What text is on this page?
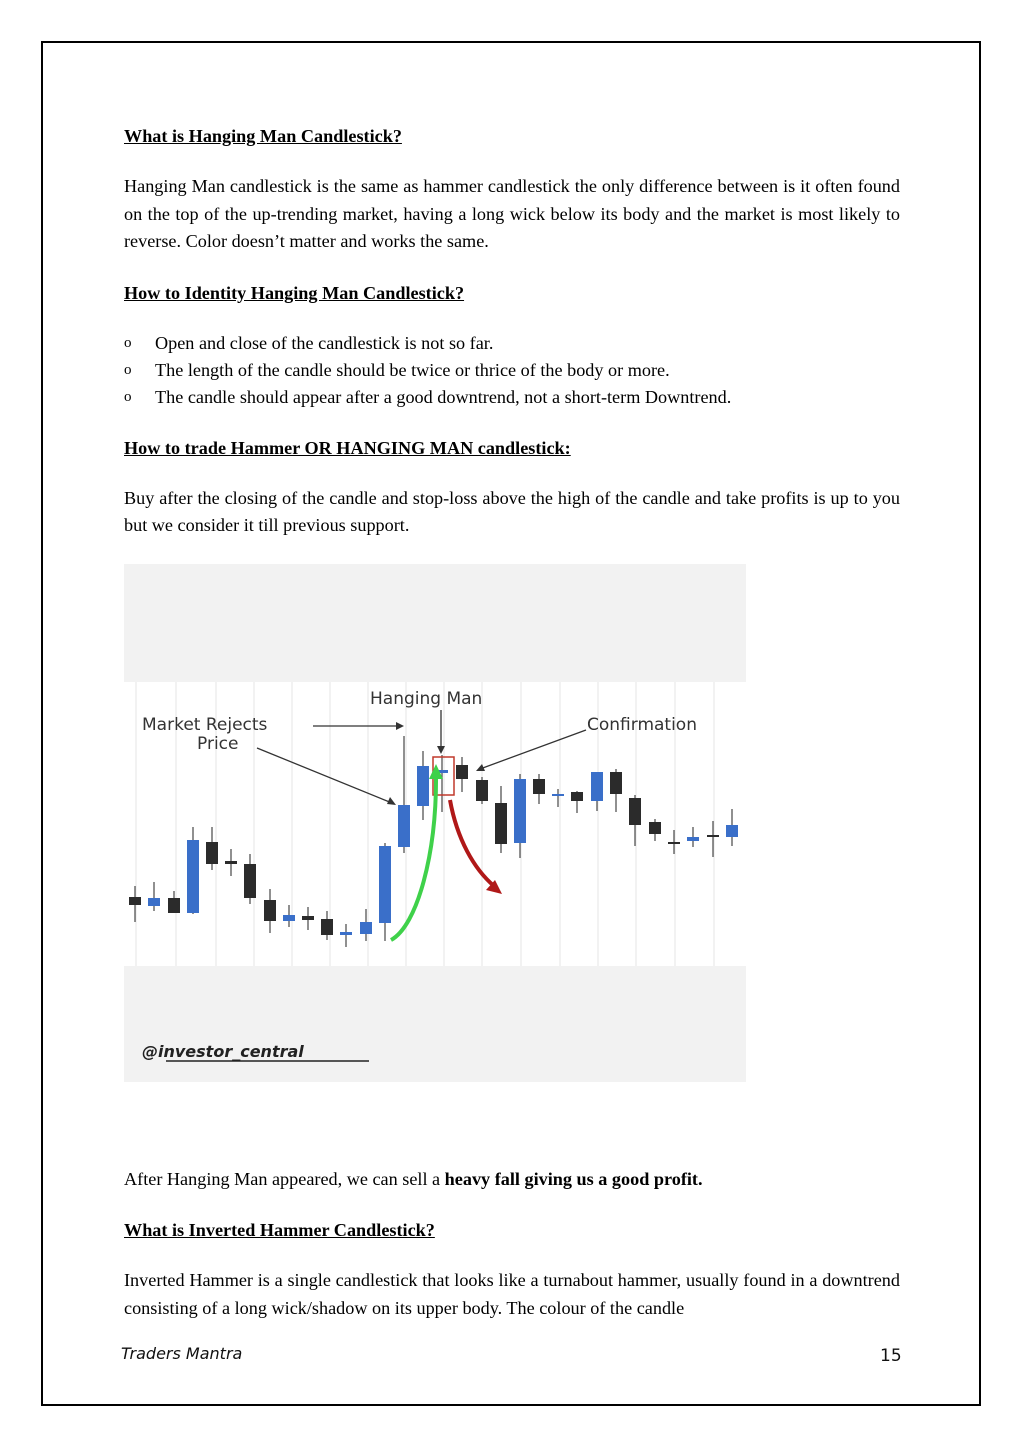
What is Hanging Man Candlestick?

Hanging Man candlestick is the same as hammer candlestick the only difference between is it often found on the top of the up-trending market, having a long wick below its body and the market is most likely to reverse. Color doesn’t matter and works the same.

How to Identity Hanging Man Candlestick?
o	Open and close of the candlestick is not so far.
o	The length of the candle should be twice or thrice of the body or more.
o	The candle should appear after a good downtrend, not a short-term Downtrend.
How to trade Hammer OR HANGING MAN candlestick:

Buy after the closing of the candle and stop-loss above the high of the candle and take profits is up to you but we consider it till previous support.

Hanging Man
Market Rejects
Price
Confirmation
@investor_central

After Hanging Man appeared, we can sell a heavy fall giving us a good profit.

What is Inverted Hammer Candlestick?

Inverted Hammer is a single candlestick that looks like a turnabout hammer, usually found in a downtrend consisting of a long wick/shadow on its upper body. The colour of the candle

Traders Mantra	15
